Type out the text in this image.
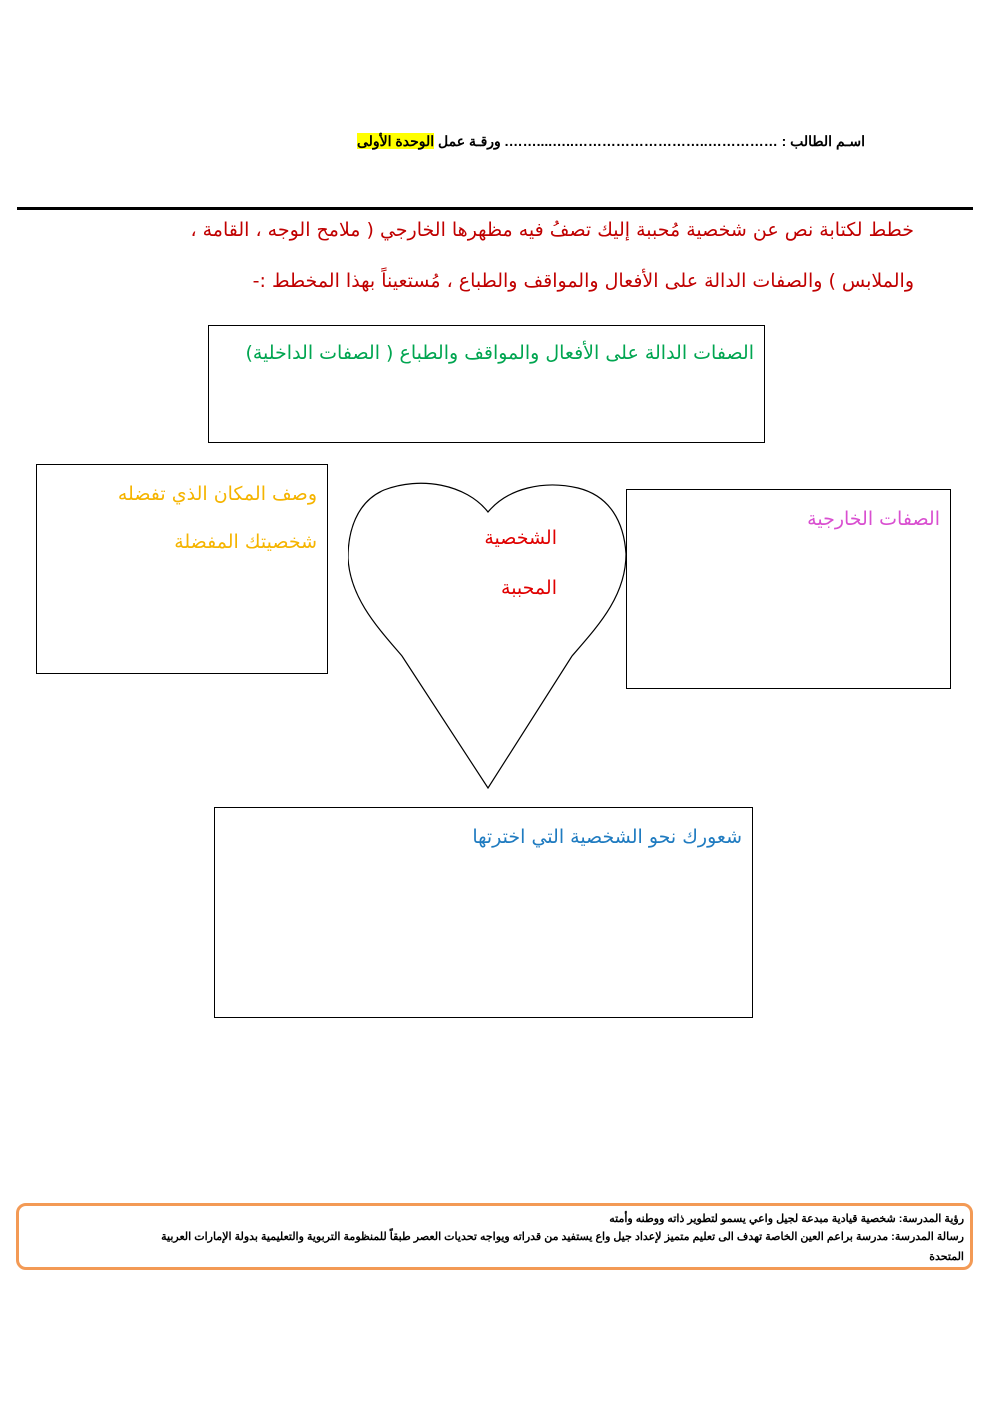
اسـم الطالب : ……………..………………………..…....……. ورقـة عمل الوحدة الأولى
خطط لكتابة نص عن شخصية مُحببة إليك تصفُ فيه مظهرها الخارجي ( ملامح الوجه ، القامة ،
والملابس ) والصفات الدالة على الأفعال والمواقف والطباع ، مُستعيناً بهذا المخطط :-
الصفات الدالة على الأفعال والمواقف والطباع ( الصفات الداخلية)
وصف المكان الذي تفضله
شخصيتك المفضلة	الشخصية
المحببة
الصفات الخارجية
شعورك نحو الشخصية التي اخترتها
رؤية المدرسة: شخصية قيادية مبدعة لجيل واعي يسمو لتطوير ذاته ووطنه وأمته
رسالة المدرسة: مدرسة براعم العين الخاصة تهدف الى تعليم متميز لإعداد جيل واع يستفيد من قدراته ويواجه تحديات العصر طبقاً للمنظومة التربوية والتعليمية بدولة الإمارات العربية
المتحدة
